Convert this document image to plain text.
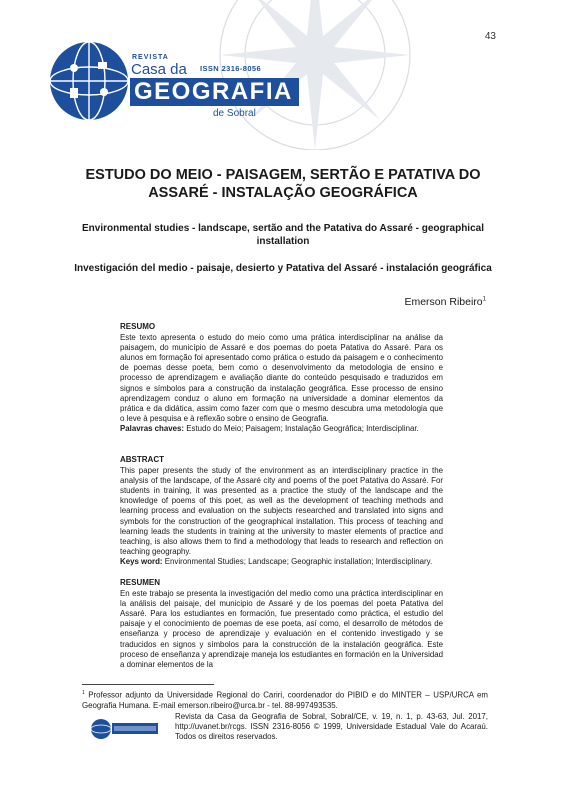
43
REVISTA
Casa da ISSN 2316-8056
GEOGRAFIA
de Sobral
ESTUDO DO MEIO - PAISAGEM, SERTÃO E PATATIVA DO ASSARÉ - INSTALAÇÃO GEOGRÁFICA
Environmental studies - landscape, sertão and the Patativa do Assaré - geographical installation
Investigación del medio - paisaje, desierto y Patativa del Assaré - instalación geográfica
Emerson Ribeiro$^1$
RESUMO
Este texto apresenta o estudo do meio como uma prática interdisciplinar na análise da paisagem, do município de Assaré e dos poemas do poeta Patativa do Assaré. Para os alunos em formação foi apresentado como prática o estudo da paisagem e o conhecimento de poemas desse poeta, bem como o desenvolvimento da metodologia de ensino e processo de aprendizagem e avaliação diante do conteúdo pesquisado e traduzidos em signos e símbolos para a construção da instalação geográfica. Esse processo de ensino aprendizagem conduz o aluno em formação na universidade a dominar elementos da prática e da didática, assim como fazer com que o mesmo descubra uma metodologia que o leve à pesquisa e à reflexão sobre o ensino de Geografia.
Palavras chaves: Estudo do Meio; Paisagem; Instalação Geográfica; Interdisciplinar.
ABSTRACT
This paper presents the study of the environment as an interdisciplinary practice in the analysis of the landscape, of the Assaré city and poems of the poet Patativa do Assaré. For students in training, it was presented as a practice the study of the landscape and the knowledge of poems of this poet, as well as the development of teaching methods and learning process and evaluation on the subjects researched and translated into signs and symbols for the construction of the geographical installation. This process of teaching and learning leads the students in training at the university to master elements of practice and teaching, is also allows them to find a methodology that leads to research and reflection on teaching geography.
Keys word: Environmental Studies; Landscape; Geographic installation; Interdisciplinary.
RESUMEN
En este trabajo se presenta la investigación del medio como una práctica interdisciplinar en la análisis del paisaje, del municipio de Assaré y de los poemas del poeta Patativa del Assaré. Para los estudiantes en formación, fue presentado como práctica, el estudio del paisaje y el conocimiento de poemas de ese poeta, así como, el desarrollo de métodos de enseñanza y proceso de aprendizaje y evaluación en el contenido investigado y se traducidos en signos y símbolos para la construcción de la instalación geográfica. Este proceso de enseñanza y aprendizaje maneja los estudiantes en formación en la Universidad a dominar elementos de la
$^1$ Professor adjunto da Universidade Regional do Cariri, coordenador do PIBID e do MINTER – USP/URCA em Geografia Humana. E-mail emerson.ribeiro@urca.br - tel. 88-997493535.
Revista da Casa da Geografia de Sobral, Sobral/CE, v. 19, n. 1, p. 43-63, Jul. 2017, http://uvanet.br/rcgs. ISSN 2316-8056 © 1999, Universidade Estadual Vale do Acaraú. Todos os direitos reservados.
